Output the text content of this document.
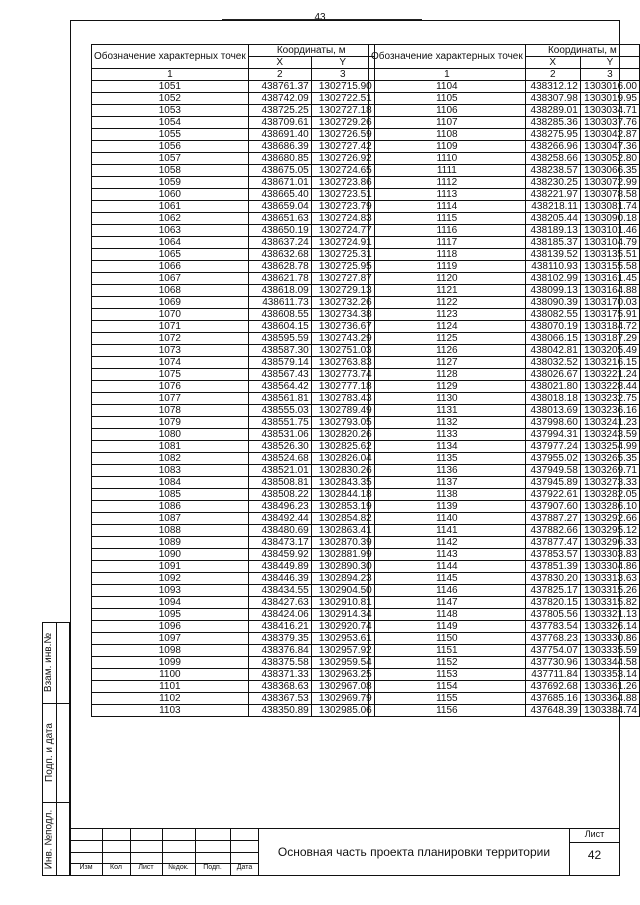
43
Обозначение характерных точек	Координаты, м	
	X	Y
1	2	3
1051	438761.37	1302715.90
1052	438742.09	1302722.51
1053	438725.25	1302727.18
1054	438709.61	1302729.26
1055	438691.40	1302726.59
1056	438686.39	1302727.42
1057	438680.85	1302726.92
1058	438675.05	1302724.65
1059	438671.01	1302723.86
1060	438665.40	1302723.51
1061	438659.04	1302723.79
1062	438651.63	1302724.83
1063	438650.19	1302724.77
1064	438637.24	1302724.91
1065	438632.68	1302725.31
1066	438628.78	1302725.95
1067	438621.78	1302727.87
1068	438618.09	1302729.13
1069	438611.73	1302732.26
1070	438608.55	1302734.38
1071	438604.15	1302736.67
1072	438595.59	1302743.29
1073	438587.30	1302751.03
1074	438579.14	1302763.83
1075	438567.43	1302773.74
1076	438564.42	1302777.18
1077	438561.81	1302783.43
1078	438555.03	1302789.49
1079	438551.75	1302793.05
1080	438531.06	1302820.26
1081	438526.30	1302825.62
1082	438524.68	1302826.04
1083	438521.01	1302830.26
1084	438508.81	1302843.35
1085	438508.22	1302844.18
1086	438496.23	1302853.19
1087	438492.44	1302854.82
1088	438480.69	1302863.41
1089	438473.17	1302870.39
1090	438459.92	1302881.99
1091	438449.89	1302890.30
1092	438446.39	1302894.23
1093	438434.55	1302904.50
1094	438427.63	1302910.81
1095	438424.06	1302914.34
1096	438416.21	1302920.74
1097	438379.35	1302953.61
1098	438376.84	1302957.92
1099	438375.58	1302959.54
1100	438371.33	1302963.25
1101	438368.63	1302967.08
1102	438367.53	1302969.79
1103	438350.89	1302985.06
Обозначение характерных точек	Координаты, м	
	X	Y
1	2	3
1104	438312.12	1303016.00
1105	438307.98	1303019.95
1106	438289.01	1303034.71
1107	438285.36	1303037.76
1108	438275.95	1303042.87
1109	438266.96	1303047.36
1110	438258.66	1303052.80
1111	438238.57	1303066.35
1112	438230.25	1303072.99
1113	438221.97	1303078.58
1114	438218.11	1303081.74
1115	438205.44	1303090.18
1116	438189.13	1303101.46
1117	438185.37	1303104.79
1118	438139.52	1303135.51
1119	438110.93	1303155.58
1120	438102.99	1303161.45
1121	438099.13	1303164.88
1122	438090.39	1303170.03
1123	438082.55	1303175.91
1124	438070.19	1303184.72
1125	438066.15	1303187.29
1126	438042.81	1303205.49
1127	438032.52	1303216.15
1128	438026.67	1303221.24
1129	438021.80	1303228.44
1130	438018.18	1303232.75
1131	438013.69	1303236.16
1132	437998.60	1303241.23
1133	437994.31	1303243.59
1134	437977.24	1303254.99
1135	437955.02	1303265.35
1136	437949.58	1303269.71
1137	437945.89	1303273.33
1138	437922.61	1303282.05
1139	437907.60	1303286.10
1140	437887.27	1303292.66
1141	437882.66	1303295.12
1142	437877.47	1303296.33
1143	437853.57	1303303.83
1144	437851.39	1303304.86
1145	437830.20	1303313.63
1146	437825.17	1303315.26
1147	437820.15	1303315.82
1148	437805.56	1303321.13
1149	437783.54	1303326.14
1150	437768.23	1303330.86
1151	437754.07	1303335.59
1152	437730.96	1303344.58
1153	437711.84	1303353.14
1154	437692.68	1303361.26
1155	437685.16	1303364.88
1156	437648.39	1303384.74
Взам. инв.№
Подп. и дата
Инв. №подл.	Изм	Кол	Лист	№док.	Подп.	Дата
Основная часть проекта планировки территории
Лист
42
